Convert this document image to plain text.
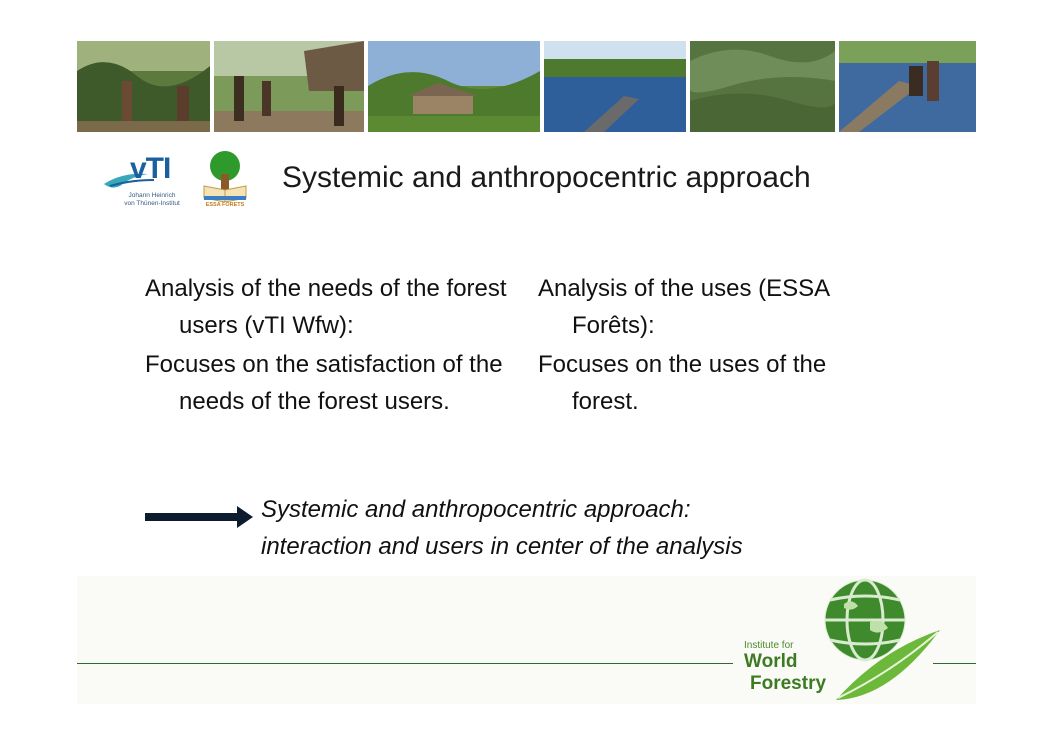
vTI
Johann Heinrich
von Thünen-Institut	ESSA FORETS
Systemic and anthropocentric approach

Analysis of the needs of the forest users (vTI Wfw):

Focuses on the satisfaction of the needs of the forest users.

Analysis of the uses (ESSA Forêts):

Focuses on the uses of the forest.

Systemic and anthropocentric approach:
interaction and users in center of the analysis
Institute for
World
Forestry
